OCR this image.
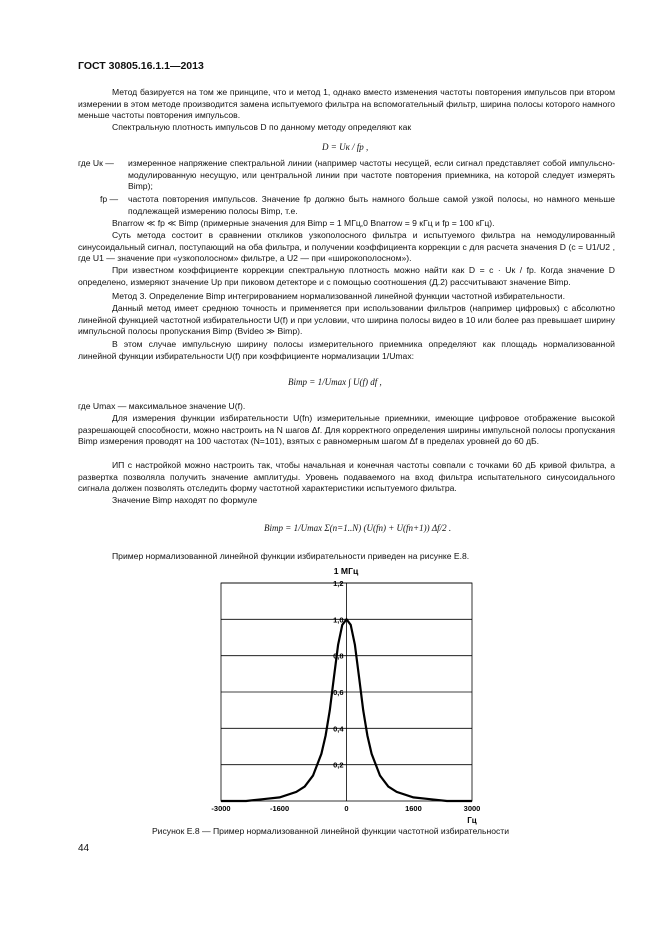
ГОСТ 30805.16.1.1—2013
Метод базируется на том же принципе, что и метод 1, однако вместо изменения частоты повторения импульсов при втором измерении в этом методе производится замена испытуемого фильтра на вспомогательный фильтр, ширина полосы которого намного меньше частоты повторения импульсов.
Спектральную плотность импульсов D по данному методу определяют как
D = Uк / fp ,
где Uк — измеренное напряжение спектральной линии (например частоты несущей, если сигнал представляет собой импульсно-модулированную несущую, или центральной линии при частоте повторения приемника, на которой следует измерять Bimp);
fp — частота повторения импульсов. Значение fp должно быть намного больше самой узкой полосы, но намного меньше подлежащей измерению полосы Bimp, т.е.
Bnarrow ≪ fp ≪ Bimp (примерные значения для Bimp = 1 МГц,0 Bnarrow = 9 кГц и fp = 100 кГц).
Суть метода состоит в сравнении откликов узкополосного фильтра и испытуемого фильтра на немодулированный синусоидальный сигнал, поступающий на оба фильтра, и получении коэффициента коррекции c для расчета значения D (c = U1/U2 , где U1 — значение при «узкополосном» фильтре, а U2 — при «широкополосном»).
При известном коэффициенте коррекции спектральную плотность можно найти как D = c · Uк / fp. Когда значение D определено, измеряют значение Up при пиковом детекторе и с помощью соотношения (Д.2) рассчитывают значение Bimp.
Метод 3. Определение Bimp интегрированием нормализованной линейной функции частотной избирательности.
Данный метод имеет среднюю точность и применяется при использовании фильтров (например цифровых) с абсолютно линейной функцией частотной избирательности U(f) и при условии, что ширина полосы видео в 10 или более раз превышает ширину импульсной полосы пропускания Bimp (Bvideo ≫ Bimp).
В этом случае импульсную ширину полосы измерительного приемника определяют как площадь нормализованной линейной функции избирательности U(f) при коэффициенте нормализации 1/Umax:
Bimp = 1/Umax ∫ U(f) df ,
где Umax — максимальное значение U(f).
Для измерения функции избирательности U(fn) измерительные приемники, имеющие цифровое отображение высокой разрешающей способности, можно настроить на N шагов Δf. Для корректного определения ширины импульсной полосы пропускания Bimp измерения проводят на 100 частотах (N=101), взятых с равномерным шагом Δf в пределах уровней до 60 дБ.
ИП с настройкой можно настроить так, чтобы начальная и конечная частоты совпали с точками 60 дБ кривой фильтра, а развертка позволяла получить значение амплитуды. Уровень подаваемого на вход фильтра испытательного синусоидального сигнала должен позволять отследить форму частотной характеристики испытуемого фильтра.
Значение Bimp находят по формуле
Bimp = 1/Umax Σ(n=1..N) (U(fn) + U(fn+1)) Δf/2 .
Пример нормализованной линейной функции избирательности приведен на рисунке Е.8.
1 МГц
0,2
0,4
0,6
0,8
1,0
1,2
-3000	-1600	0	1600	3000
Гц
Рисунок Е.8 — Пример нормализованной линейной функции частотной избирательности
44
